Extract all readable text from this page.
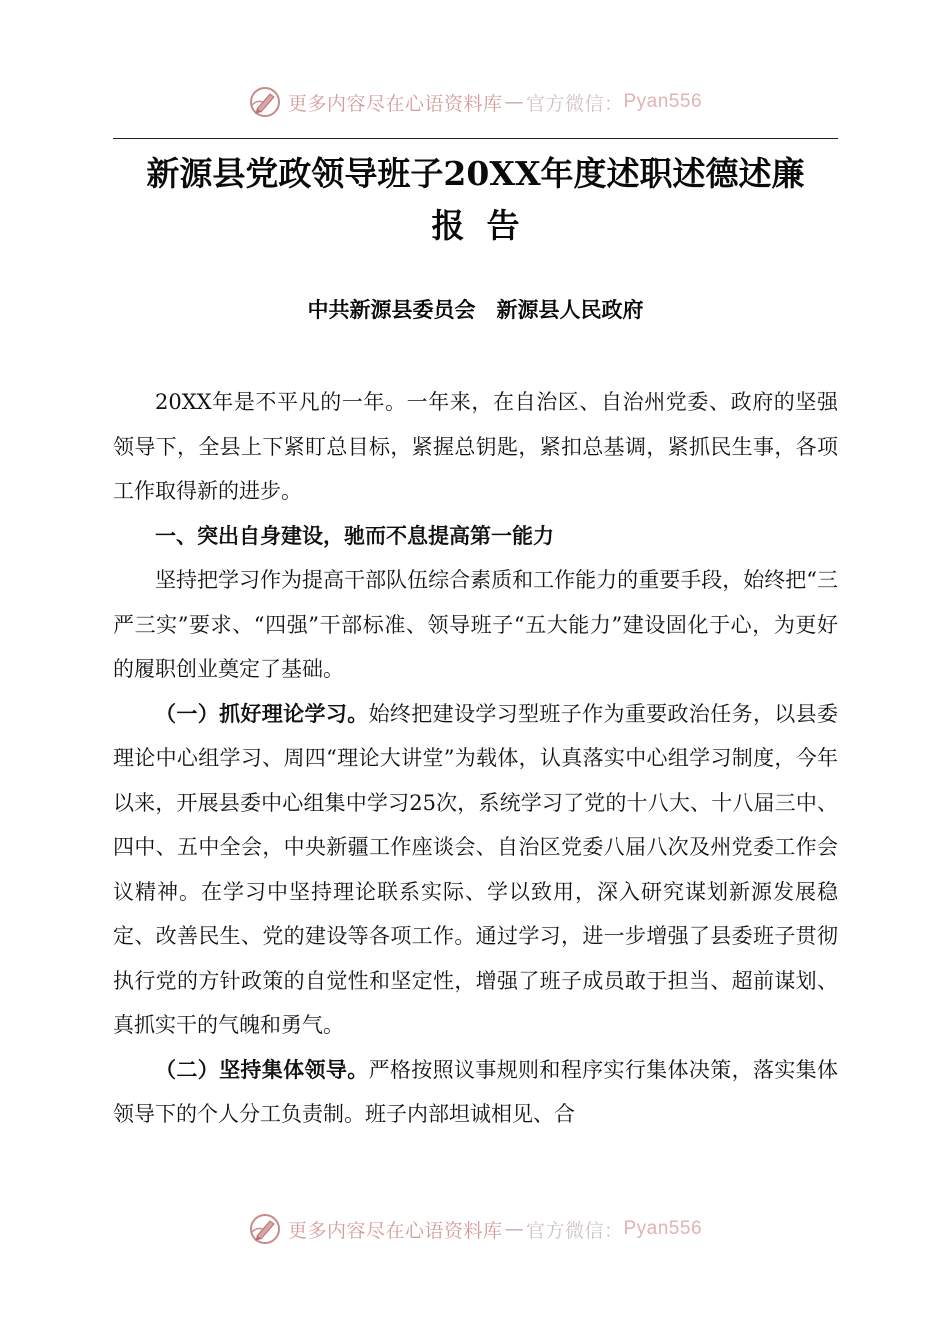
更多内容尽在心语资料库 — 官方微信： Pyan556
新源县党政领导班子20XX年度述职述德述廉
报告

中共新源县委员会　新源县人民政府

20XX年是不平凡的一年。一年来，在自治区、自治州党委、政府的坚强领导下，全县上下紧盯总目标，紧握总钥匙，紧扣总基调，紧抓民生事，各项工作取得新的进步。

一、突出自身建设，驰而不息提高第一能力

坚持把学习作为提高干部队伍综合素质和工作能力的重要手段，始终把“三严三实”要求、“四强”干部标准、领导班子“五大能力”建设固化于心，为更好的履职创业奠定了基础。

（一）抓好理论学习。始终把建设学习型班子作为重要政治任务，以县委理论中心组学习、周四“理论大讲堂”为载体，认真落实中心组学习制度，今年以来，开展县委中心组集中学习25次，系统学习了党的十八大、十八届三中、四中、五中全会，中央新疆工作座谈会、自治区党委八届八次及州党委工作会议精神。在学习中坚持理论联系实际、学以致用，深入研究谋划新源发展稳定、改善民生、党的建设等各项工作。通过学习，进一步增强了县委班子贯彻执行党的方针政策的自觉性和坚定性，增强了班子成员敢于担当、超前谋划、真抓实干的气魄和勇气。

（二）坚持集体领导。严格按照议事规则和程序实行集体决策，落实集体领导下的个人分工负责制。班子内部坦诚相见、合

更多内容尽在心语资料库 — 官方微信： Pyan556
